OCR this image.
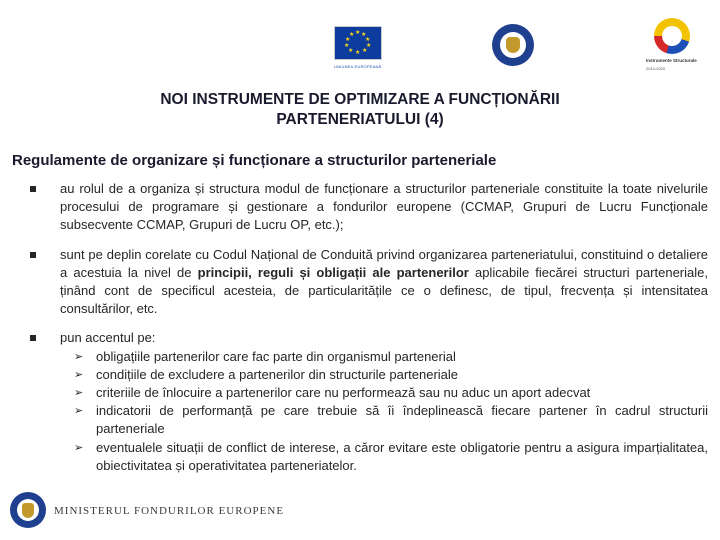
★ ★
★
★
★
★
★
★
★
★
UNIUNEA EUROPEANĂ
Instrumente Structurale
2014-2020
NOI INSTRUMENTE DE OPTIMIZARE A FUNCȚIONĂRII
PARTENERIATULUI (4)
Regulamente de organizare și funcționare a structurilor parteneriale
au rolul de a organiza și structura modul de funcționare a structurilor parteneriale constituite la toate nivelurile procesului de programare și gestionare a fondurilor europene (CCMAP, Grupuri de Lucru Funcționale subsecvente CCMAP, Grupuri de Lucru OP, etc.);
sunt pe deplin corelate cu Codul Național de Conduită privind organizarea parteneriatului, constituind o detaliere a acestuia la nivel de principii, reguli și obligații ale partenerilor aplicabile fiecărei structuri parteneriale, ținând cont de specificul acesteia, de particularitățile ce o definesc, de tipul, frecvența și intensitatea consultărilor, etc.
pun accentul pe:
➢ obligațiile partenerilor care fac parte din organismul partenerial
➢ condițiile de excludere a partenerilor din structurile parteneriale
➢ criteriile de înlocuire a partenerilor care nu performează sau nu aduc un aport adecvat
➢ indicatorii de performanță pe care trebuie să îi îndeplinească fiecare partener în cadrul structurii parteneriale
➢ eventualele situații de conflict de interese, a căror evitare este obligatorie pentru a asigura imparțialitatea, obiectivitatea și operativitatea parteneriatelor.
MINISTERUL FONDURILOR EUROPENE
